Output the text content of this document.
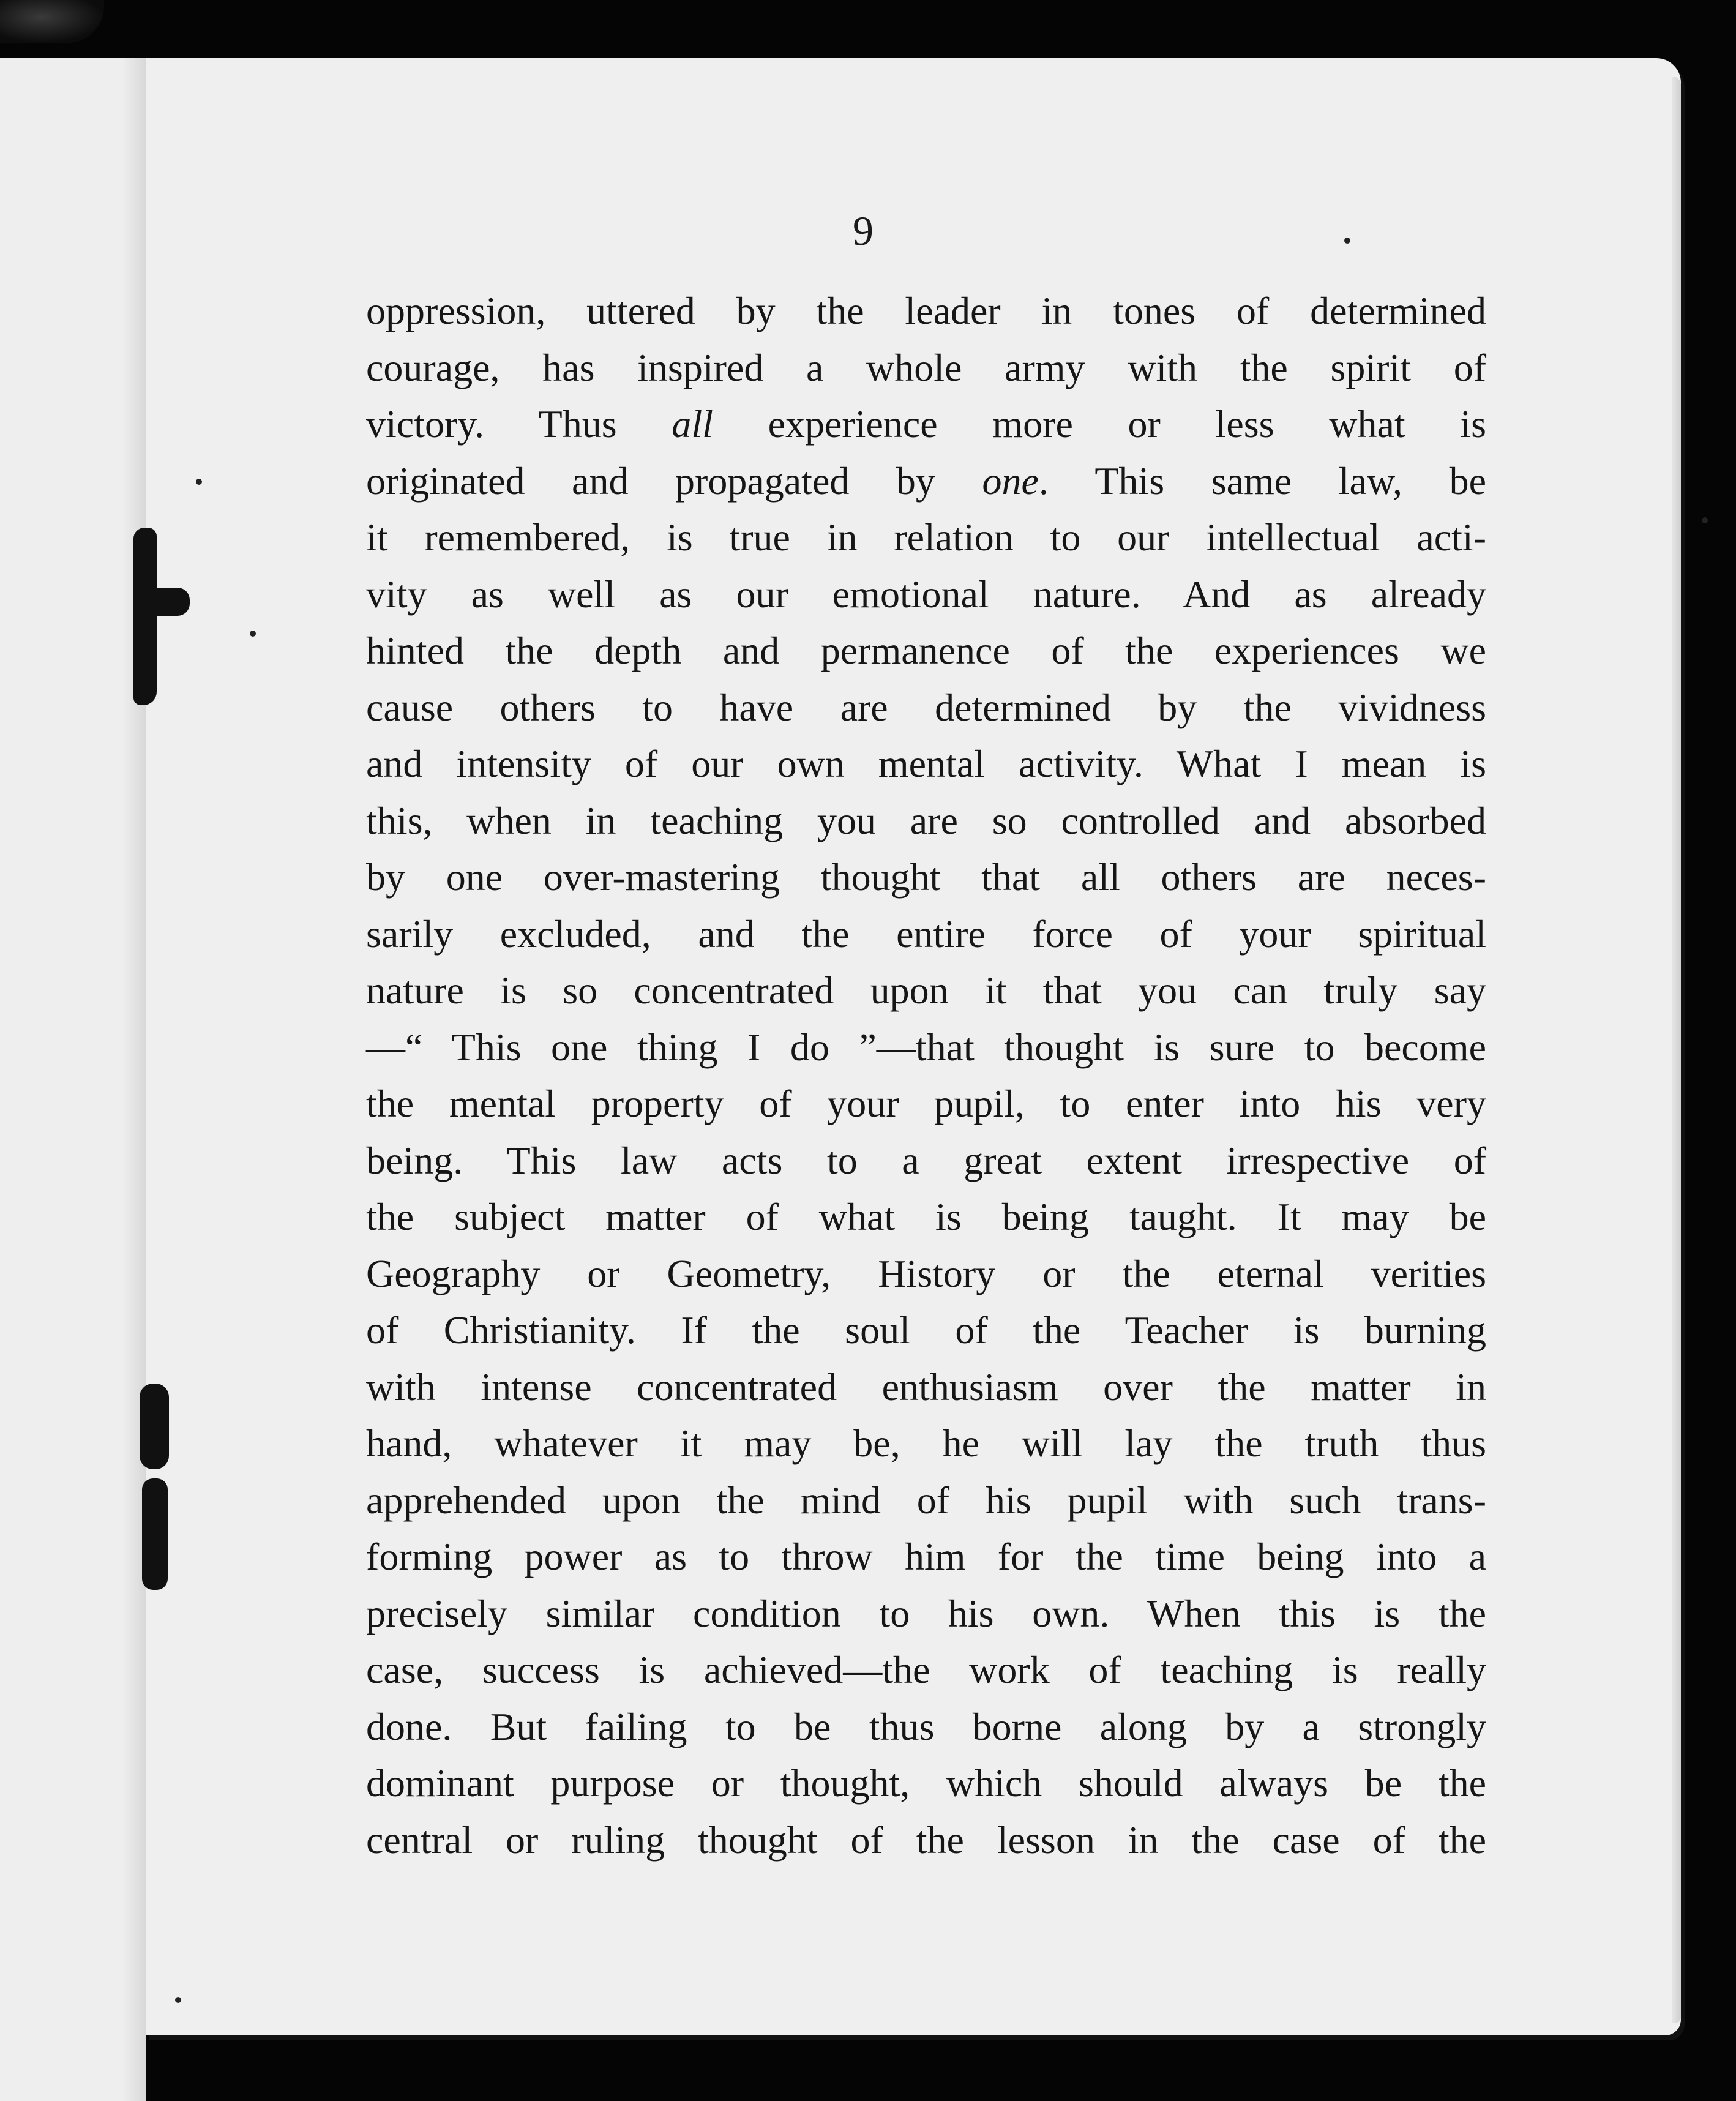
9
oppression, uttered by the leader in tones of determined
courage, has inspired a whole army with the spirit of
victory. Thus all experience more or less what is
originated and propagated by one. This same law, be
it remembered, is true in relation to our intellectual acti-
vity as well as our emotional nature. And as already
hinted the depth and permanence of the experiences we
cause others to have are determined by the vividness
and intensity of our own mental activity. What I mean is
this, when in teaching you are so controlled and absorbed
by one over-mastering thought that all others are neces-
sarily excluded, and the entire force of your spiritual
nature is so concentrated upon it that you can truly say
—“ This one thing I do ”—that thought is sure to become
the mental property of your pupil, to enter into his very
being. This law acts to a great extent irrespective of
the subject matter of what is being taught. It may be
Geography or Geometry, History or the eternal verities
of Christianity. If the soul of the Teacher is burning
with intense concentrated enthusiasm over the matter in
hand, whatever it may be, he will lay the truth thus
apprehended upon the mind of his pupil with such trans-
forming power as to throw him for the time being into a
precisely similar condition to his own. When this is the
case, success is achieved—the work of teaching is really
done. But failing to be thus borne along by a strongly
dominant purpose or thought, which should always be the
central or ruling thought of the lesson in the case of the
